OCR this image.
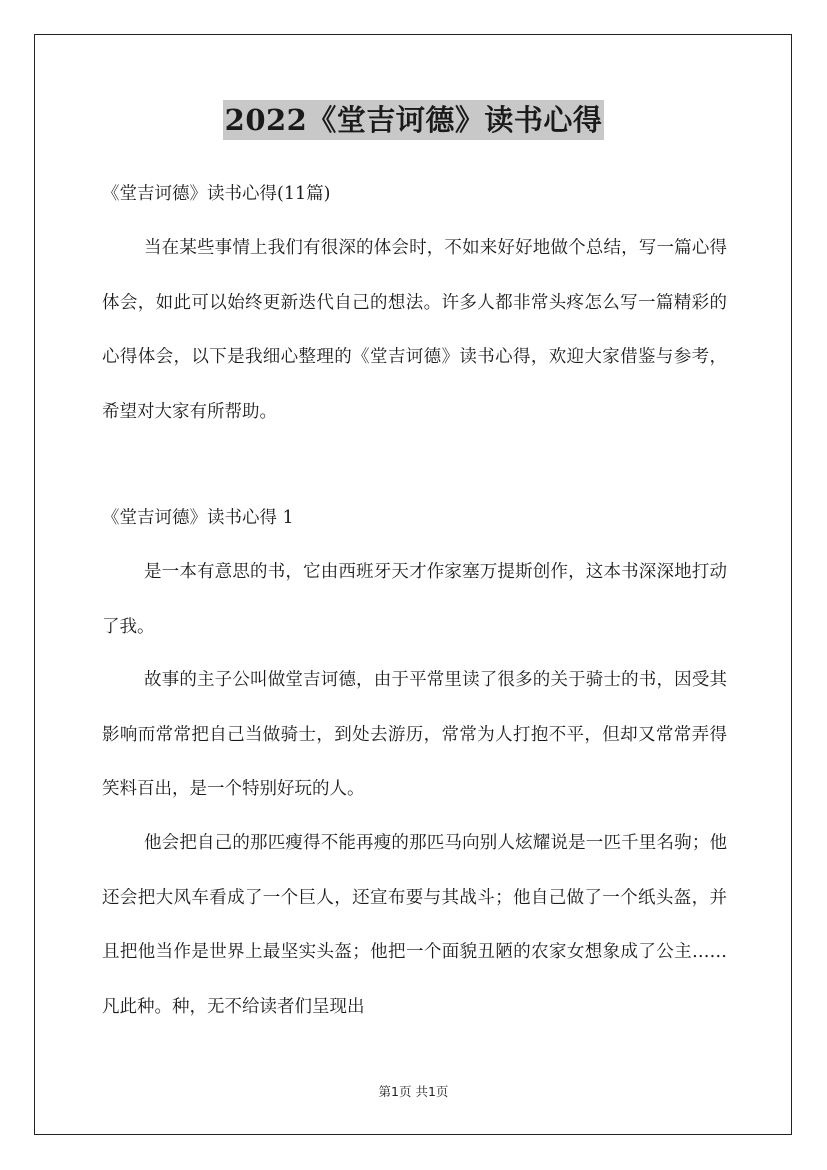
2022《堂吉诃德》读书心得
《堂吉诃德》读书心得(11篇)

当在某些事情上我们有很深的体会时，不如来好好地做个总结，写一篇心得体会，如此可以始终更新迭代自己的想法。许多人都非常头疼怎么写一篇精彩的心得体会，以下是我细心整理的《堂吉诃德》读书心得，欢迎大家借鉴与参考，希望对大家有所帮助。

《堂吉诃德》读书心得 1

是一本有意思的书，它由西班牙天才作家塞万提斯创作，这本书深深地打动了我。

故事的主子公叫做堂吉诃德，由于平常里读了很多的关于骑士的书，因受其影响而常常把自己当做骑士，到处去游历，常常为人打抱不平，但却又常常弄得笑料百出，是一个特别好玩的人。

他会把自己的那匹瘦得不能再瘦的那匹马向别人炫耀说是一匹千里名驹；他还会把大风车看成了一个巨人，还宣布要与其战斗；他自己做了一个纸头盔，并且把他当作是世界上最坚实头盔；他把一个面貌丑陋的农家女想象成了公主……凡此种。种，无不给读者们呈现出

第1页 共1页
